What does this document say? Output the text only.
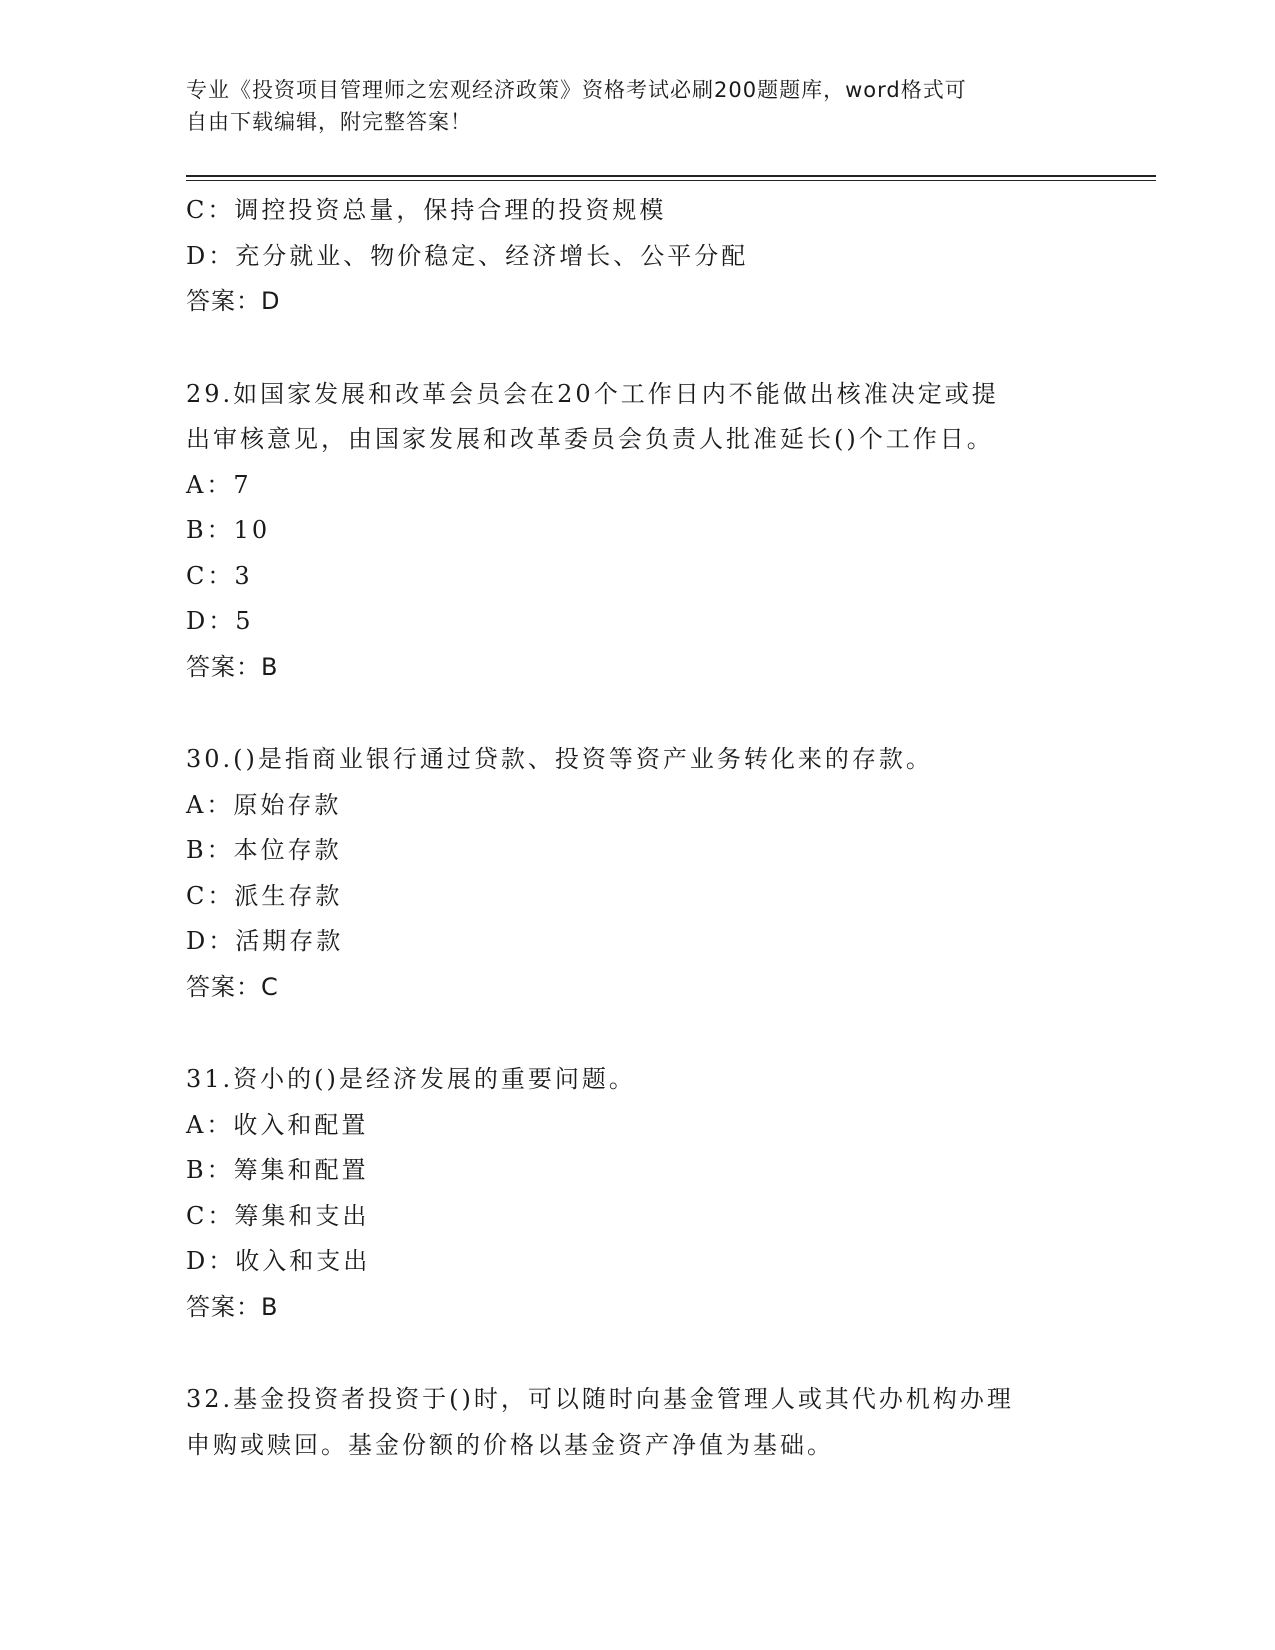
专业《投资项目管理师之宏观经济政策》资格考试必刷200题题库，word格式可
自由下载编辑，附完整答案！
C：调控投资总量，保持合理的投资规模
D：充分就业、物价稳定、经济增长、公平分配
答案：D
29.如国家发展和改革会员会在20个工作日内不能做出核准决定或提
出审核意见，由国家发展和改革委员会负责人批准延长()个工作日。
A：7
B：10
C：3
D：5
答案：B
30.()是指商业银行通过贷款、投资等资产业务转化来的存款。
A：原始存款
B：本位存款
C：派生存款
D：活期存款
答案：C
31.资小的()是经济发展的重要问题。
A：收入和配置
B：筹集和配置
C：筹集和支出
D：收入和支出
答案：B
32.基金投资者投资于()时，可以随时向基金管理人或其代办机构办理
申购或赎回。基金份额的价格以基金资产净值为基础。
